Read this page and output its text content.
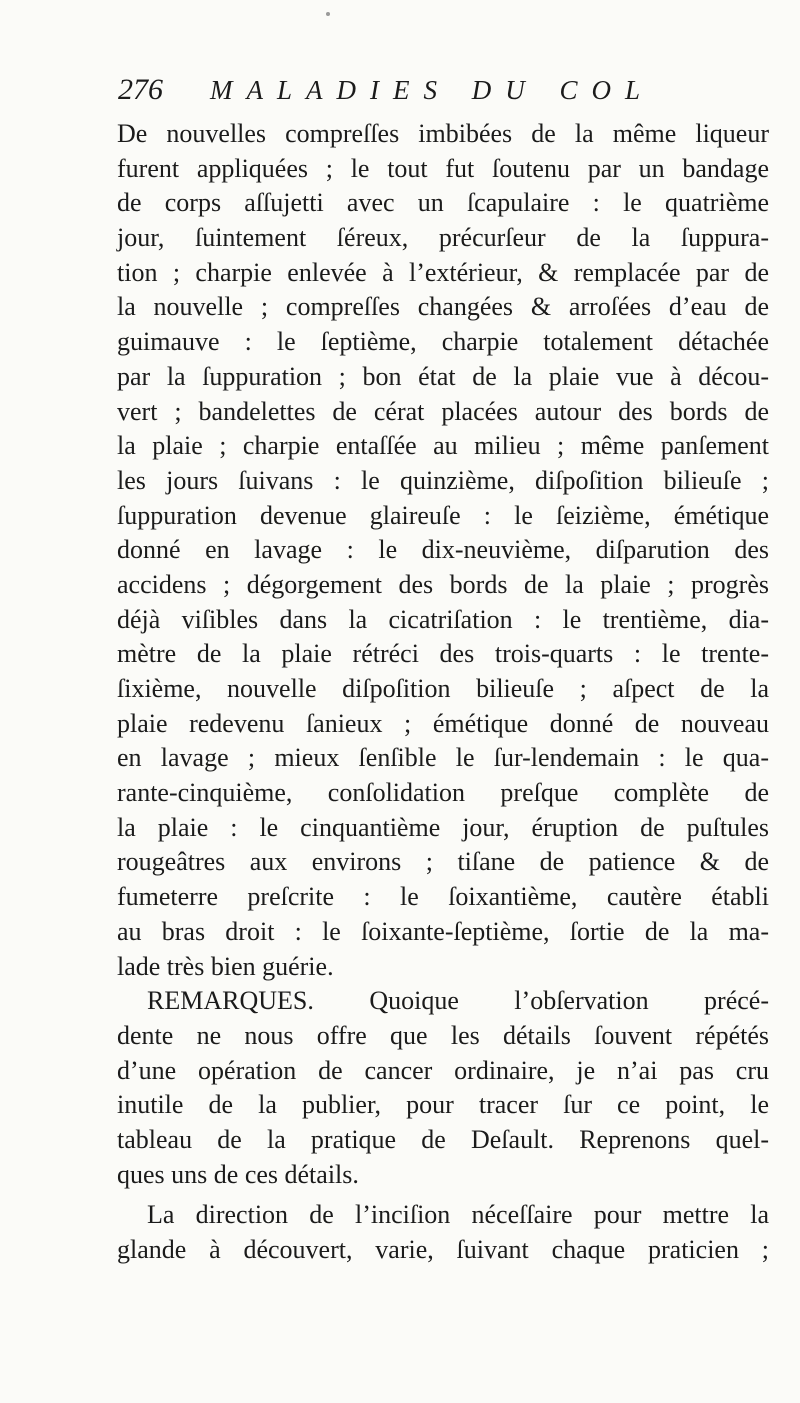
276 MALADIES DU COL
De nouvelles compreſſes imbibées de la même liqueur
furent appliquées ; le tout fut ſoutenu par un bandage
de corps aſſujetti avec un ſcapulaire : le quatrième
jour, ſuintement ſéreux, précurſeur de la ſuppura-
tion ; charpie enlevée à l’extérieur, & remplacée par de
la nouvelle ; compreſſes changées & arroſées d’eau de
guimauve : le ſeptième, charpie totalement détachée
par la ſuppuration ; bon état de la plaie vue à décou-
vert ; bandelettes de cérat placées autour des bords de
la plaie ; charpie entaſſée au milieu ; même panſement
les jours ſuivans : le quinzième, diſpoſition bilieuſe ;
ſuppuration devenue glaireuſe : le ſeizième, émétique
donné en lavage : le dix-neuvième, diſparution des
accidens ; dégorgement des bords de la plaie ; progrès
déjà viſibles dans la cicatriſation : le trentième, dia-
mètre de la plaie rétréci des trois-quarts : le trente-
ſixième, nouvelle diſpoſition bilieuſe ; aſpect de la
plaie redevenu ſanieux ; émétique donné de nouveau
en lavage ; mieux ſenſible le ſur-lendemain : le qua-
rante-cinquième, conſolidation preſque complète de
la plaie : le cinquantième jour, éruption de puſtules
rougeâtres aux environs ; tiſane de patience & de
fumeterre preſcrite : le ſoixantième, cautère établi
au bras droit : le ſoixante-ſeptième, ſortie de la ma-
lade très bien guérie.
REMARQUES. Quoique l’obſervation précé-
dente ne nous offre que les détails ſouvent répétés
d’une opération de cancer ordinaire, je n’ai pas cru
inutile de la publier, pour tracer ſur ce point, le
tableau de la pratique de Deſault. Reprenons quel-
ques uns de ces détails.
La direction de l’inciſion néceſſaire pour mettre la
glande à découvert, varie, ſuivant chaque praticien ;
